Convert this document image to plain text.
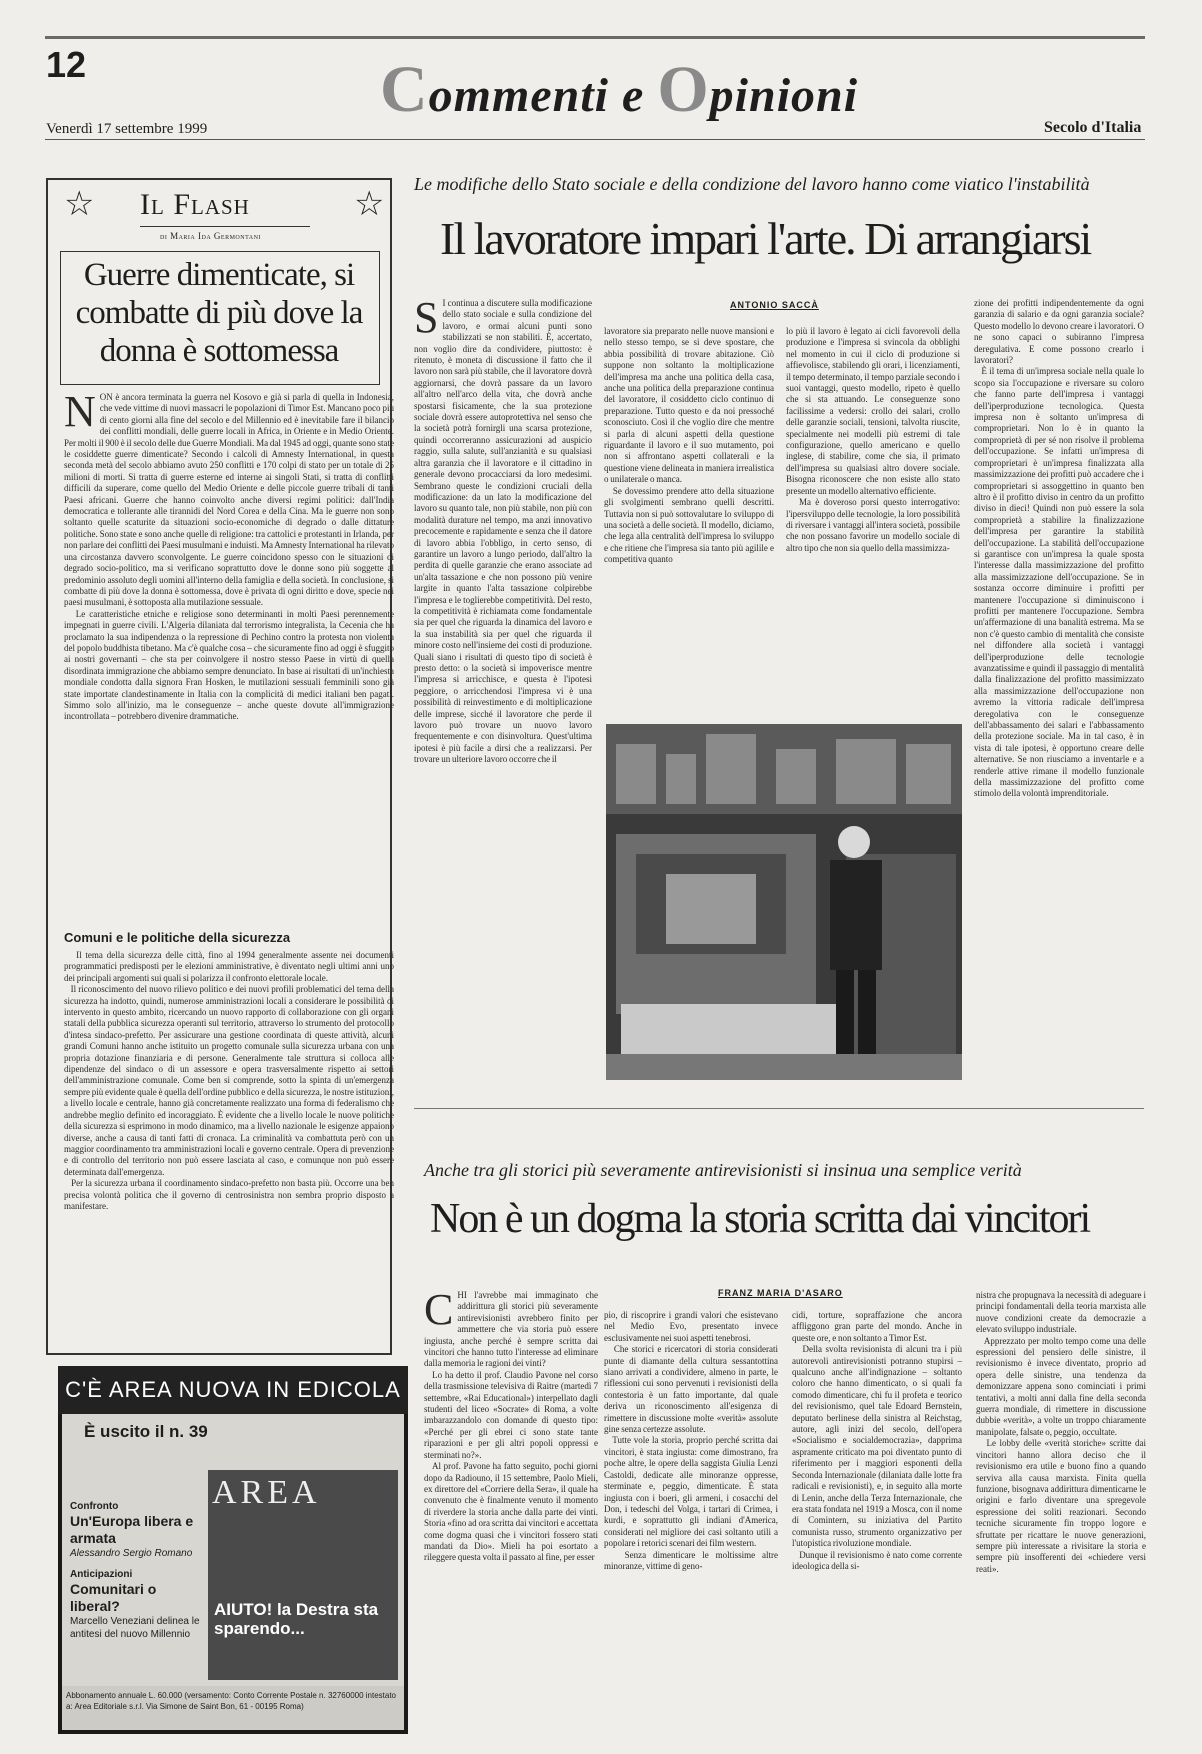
12	Commenti e Opinioni
Venerdì 17 settembre 1999	Secolo d'Italia
☆	☆
Il Flash
di Maria Ida Germontani
Guerre dimenticate, si combatte di più dove la donna è sottomessa
NON è ancora terminata la guerra nel Kosovo e già si parla di quella in Indonesia, che vede vittime di nuovi massacri le popolazioni di Timor Est. Mancano poco più di cento giorni alla fine del secolo e del Millennio ed è inevitabile fare il bilancio dei conflitti mondiali, delle guerre locali in Africa, in Oriente e in Medio Oriente. Per molti il 900 è il secolo delle due Guerre Mondiali. Ma dal 1945 ad oggi, quante sono state le cosiddette guerre dimenticate? Secondo i calcoli di Amnesty International, in questa seconda metà del secolo abbiamo avuto 250 conflitti e 170 colpi di stato per un totale di 25 milioni di morti. Si tratta di guerre esterne ed interne ai singoli Stati, si tratta di conflitti difficili da superare, come quello del Medio Oriente e delle piccole guerre tribali di tanti Paesi africani. Guerre che hanno coinvolto anche diversi regimi politici: dall'India democratica e tollerante alle tirannidi del Nord Corea e della Cina. Ma le guerre non sono soltanto quelle scaturite da situazioni socio-economiche di degrado o dalle dittature politiche. Sono state e sono anche quelle di religione: tra cattolici e protestanti in Irlanda, per non parlare dei conflitti dei Paesi musulmani e induisti. Ma Amnesty International ha rilevato una circostanza davvero sconvolgente. Le guerre coincidono spesso con le situazioni di degrado socio-politico, ma si verificano soprattutto dove le donne sono più soggette al predominio assoluto degli uomini all'interno della famiglia e della società. In conclusione, si combatte di più dove la donna è sottomessa, dove è privata di ogni diritto e dove, specie nei paesi musulmani, è sottoposta alla mutilazione sessuale.
Le caratteristiche etniche e religiose sono determinanti in molti Paesi perennemente impegnati in guerre civili. L'Algeria dilaniata dal terrorismo integralista, la Cecenia che ha proclamato la sua indipendenza o la repressione di Pechino contro la protesta non violenta del popolo buddhista tibetano. Ma c'è qualche cosa – che sicuramente fino ad oggi è sfuggito ai nostri governanti – che sta per coinvolgere il nostro stesso Paese in virtù di quella disordinata immigrazione che abbiamo sempre denunciato. In base ai risultati di un'inchiesta mondiale condotta dalla signora Fran Hosken, le mutilazioni sessuali femminili sono già state importate clandestinamente in Italia con la complicità di medici italiani ben pagati. Simmo solo all'inizio, ma le conseguenze – anche queste dovute all'immigrazione incontrollata – potrebbero divenire drammatiche.
Comuni e le politiche della sicurezza
Il tema della sicurezza delle città, fino al 1994 generalmente assente nei documenti programmatici predisposti per le elezioni amministrative, è diventato negli ultimi anni uno dei principali argomenti sui quali si polarizza il confronto elettorale locale.
Il riconoscimento del nuovo rilievo politico e dei nuovi profili problematici del tema della sicurezza ha indotto, quindi, numerose amministrazioni locali a considerare le possibilità di intervento in questo ambito, ricercando un nuovo rapporto di collaborazione con gli organi statali della pubblica sicurezza operanti sul territorio, attraverso lo strumento del protocollo d'intesa sindaco-prefetto. Per assicurare una gestione coordinata di queste attività, alcuni grandi Comuni hanno anche istituito un progetto comunale sulla sicurezza urbana con una propria dotazione finanziaria e di persone. Generalmente tale struttura si colloca alle dipendenze del sindaco o di un assessore e opera trasversalmente rispetto ai settori dell'amministrazione comunale. Come ben si comprende, sotto la spinta di un'emergenza sempre più evidente quale è quella dell'ordine pubblico e della sicurezza, le nostre istituzioni, a livello locale e centrale, hanno già concretamente realizzato una forma di federalismo che andrebbe meglio definito ed incoraggiato. È evidente che a livello locale le nuove politiche della sicurezza si esprimono in modo dinamico, ma a livello nazionale le esigenze appaiono diverse, anche a causa di tanti fatti di cronaca. La criminalità va combattuta però con un maggior coordinamento tra amministrazioni locali e governo centrale. Opera di prevenzione e di controllo del territorio non può essere lasciata al caso, e comunque non può essere determinata dall'emergenza.
Per la sicurezza urbana il coordinamento sindaco-prefetto non basta più. Occorre una ben precisa volontà politica che il governo di centrosinistra non sembra proprio disposto a manifestare.
C'È AREA NUOVA IN EDICOLA
È uscito il n. 39
Confronto
Un'Europa libera e armata
Alessandro Sergio Romano
Anticipazioni
Comunitari o liberal?
Marcello Veneziani delinea le antitesi del nuovo Millennio
AREA
AIUTO! la Destra sta sparendo...
Abbonamento annuale L. 60.000 (versamento: Conto Corrente Postale n. 32760000 intestato a: Area Editoriale s.r.l. Via Simone de Saint Bon, 61 - 00195 Roma)
Le modifiche dello Stato sociale e della condizione del lavoro hanno come viatico l'instabilità
Il lavoratore impari l'arte. Di arrangiarsi
ANTONIO SACCÀ
S I continua a discutere sulla modificazione dello stato sociale e sulla condizione del lavoro, e ormai alcuni punti sono stabilizzati se non stabiliti. È, accertato, non voglio dire da condividere, piuttosto: è ritenuto, è moneta di discussione il fatto che il lavoro non sarà più stabile, che il lavoratore dovrà aggiornarsi, che dovrà passare da un lavoro all'altro nell'arco della vita, che dovrà anche spostarsi fisicamente, che la sua protezione sociale dovrà essere autoprotettiva nel senso che la società potrà fornirgli una scarsa protezione, quindi occorreranno assicurazioni ad auspicio raggio, sulla salute, sull'anzianità e su qualsiasi altra garanzia che il lavoratore e il cittadino in generale devono procacciarsi da loro medesimi. Sembrano queste le condizioni cruciali della modificazione: da un lato la modificazione del lavoro su quanto tale, non più stabile, non più con modalità durature nel tempo, ma anzi innovativo precocemente e rapidamente e senza che il datore di lavoro abbia l'obbligo, in certo senso, di garantire un lavoro a lungo periodo, dall'altro la perdita di quelle garanzie che erano associate ad un'alta tassazione e che non possono più venire largite in quanto l'alta tassazione colpirebbe l'impresa e le toglierebbe competitività. Del resto, la competitività è richiamata come fondamentale sia per quel che riguarda la dinamica del lavoro e la sua instabilità sia per quel che riguarda il minore costo nell'insieme dei costi di produzione. Quali siano i risultati di questo tipo di società è presto detto: o la società si impoverisce mentre l'impresa si arricchisce, e questa è l'ipotesi peggiore, o arricchendosi l'impresa vi è una possibilità di reinvestimento e di moltiplicazione delle imprese, sicché il lavoratore che perde il lavoro può trovare un nuovo lavoro frequentemente e con disinvoltura. Quest'ultima ipotesi è più facile a dirsi che a realizzarsi. Per trovare un ulteriore lavoro occorre che il
lavoratore sia preparato nelle nuove mansioni e nello stesso tempo, se si deve spostare, che abbia possibilità di trovare abitazione. Ciò suppone non soltanto la moltiplicazione dell'impresa ma anche una politica della casa, anche una politica della preparazione continua del lavoratore, il cosiddetto ciclo continuo di preparazione. Tutto questo e da noi pressoché sconosciuto. Così il che voglio dire che mentre si parla di alcuni aspetti della questione riguardante il lavoro e il suo mutamento, poi non si affrontano aspetti collaterali e la questione viene delineata in maniera irrealistica o unilaterale o manca.
Se dovessimo prendere atto della situazione gli svolgimenti sembrano quelli descritti. Tuttavia non si può sottovalutare lo sviluppo di una società a delle società. Il modello, diciamo, che lega alla centralità dell'impresa lo sviluppo e che ritiene che l'impresa sia tanto più agilile e competitiva quanto
lo più il lavoro è legato ai cicli favorevoli della produzione e l'impresa si svincola da obblighi nel momento in cui il ciclo di produzione si affievolisce, stabilendo gli orari, i licenziamenti, il tempo determinato, il tempo parziale secondo i suoi vantaggi, questo modello, ripeto è quello che si sta attuando. Le conseguenze sono facilissime a vedersi: crollo dei salari, crollo delle garanzie sociali, tensioni, talvolta riuscite, specialmente nei modelli più estremi di tale configurazione, quello americano e quello inglese, di stabilire, come che sia, il primato dell'impresa su qualsiasi altro dovere sociale. Bisogna riconoscere che non esiste allo stato presente un modello alternativo efficiente.
Ma è doveroso porsi questo interrogativo: l'ipersviluppo delle tecnologie, la loro possibilità di riversare i vantaggi all'intera società, possibile che non possano favorire un modello sociale di altro tipo che non sia quello della massimizza-
zione dei profitti indipendentemente da ogni garanzia di salario e da ogni garanzia sociale? Questo modello lo devono creare i lavoratori. O ne sono capaci o subiranno l'impresa deregulativa. E come possono crearlo i lavoratori?
È il tema di un'impresa sociale nella quale lo scopo sia l'occupazione e riversare su coloro che fanno parte dell'impresa i vantaggi dell'iperproduzione tecnologica. Questa impresa non è soltanto un'impresa di comproprietari. Non lo è in quanto la comproprietà di per sé non risolve il problema dell'occupazione. Se infatti un'impresa di comproprietari è un'impresa finalizzata alla massimizzazione dei profitti può accadere che i comproprietari si assoggettino in quanto ben altro è il profitto diviso in centro da un profitto diviso in dieci! Quindi non può essere la sola comproprietà a stabilire la finalizzazione dell'impresa per garantire la stabilità dell'occupazione. La stabilità dell'occupazione si garantisce con un'impresa la quale sposta l'interesse dalla massimizzazione del profitto alla massimizzazione dell'occupazione. Se in sostanza occorre diminuire i profitti per mantenere l'occupazione si diminuiscono i profitti per mantenere l'occupazione. Sembra un'affermazione di una banalità estrema. Ma se non c'è questo cambio di mentalità che consiste nel diffondere alla società i vantaggi dell'iperproduzione delle tecnologie avanzatissime e quindi il passaggio di mentalità dalla finalizzazione del profitto massimizzato alla massimizzazione dell'occupazione non avremo la vittoria radicale dell'impresa deregolativa con le conseguenze dell'abbassamento dei salari e l'abbassamento della protezione sociale. Ma in tal caso, è in vista di tale ipotesi, è opportuno creare delle alternative. Se non riusciamo a inventarle e a renderle attive rimane il modello funzionale della massimizzazione del profitto come stimolo della volontà imprenditoriale.
Anche tra gli storici più severamente antirevisionisti si insinua una semplice verità
Non è un dogma la storia scritta dai vincitori
FRANZ MARIA D'ASARO
CHI l'avrebbe mai immaginato che addirittura gli storici più severamente antirevisionisti avrebbero finito per ammettere che via storia può essere ingiusta, anche perché è sempre scritta dai vincitori che hanno tutto l'interesse ad eliminare dalla memoria le ragioni dei vinti?
Lo ha detto il prof. Claudio Pavone nel corso della trasmissione televisiva di Raitre (martedì 7 settembre, «Rai Educational») interpellato dagli studenti del liceo «Socrate» di Roma, a volte imbarazzandolo con domande di questo tipo: «Perché per gli ebrei ci sono state tante riparazioni e per gli altri popoli oppressi e sterminati no?».
Al prof. Pavone ha fatto seguito, pochi giorni dopo da Radiouno, il 15 settembre, Paolo Mieli, ex direttore del «Corriere della Sera», il quale ha convenuto che è finalmente venuto il momento di riverdere la storia anche dalla parte dei vinti. Storia «fino ad ora scritta dai vincitori e accettata come dogma quasi che i vincitori fossero stati mandati da Dio». Mieli ha poi esortato a rileggere questa volta il passato al fine, per esser
pio, di riscoprire i grandi valori che esistevano nel Medio Evo, presentato invece esclusivamente nei suoi aspetti tenebrosi.
Che storici e ricercatori di storia considerati punte di diamante della cultura sessantottina siano arrivati a condividere, almeno in parte, le riflessioni cui sono pervenuti i revisionisti della contestoria è un fatto importante, dal quale deriva un riconoscimento all'esigenza di rimettere in discussione molte «verità» assolute gine senza certezze assolute.
Tutte vole la storia, proprio perché scritta dai vincitori, è stata ingiusta: come dimostrano, fra poche altre, le opere della saggista Giulia Lenzi Castoldi, dedicate alle minoranze oppresse, sterminate e, peggio, dimenticate. È stata ingiusta con i boeri, gli armeni, i cosacchi del Don, i tedeschi del Volga, i tartari di Crimea, i kurdi, e soprattutto gli indiani d'America, considerati nel migliore dei casi soltanto utili a popolare i retorici scenari dei film western.
Senza dimenticare le moltissime altre minoranze, vittime di geno-
cidi, torture, sopraffazione che ancora affliggono gran parte del mondo. Anche in queste ore, e non soltanto a Timor Est.
Della svolta revisionista di alcuni tra i più autorevoli antirevisionisti potranno stupirsi – qualcuno anche all'indignazione – soltanto coloro che hanno dimenticato, o si quali fa comodo dimenticare, chi fu il profeta e teorico del revisionismo, quel tale Edoard Bernstein, deputato berlinese della sinistra al Reichstag, autore, agli inizi del secolo, dell'opera «Socialismo e socialdemocrazia», dapprima aspramente criticato ma poi diventato punto di riferimento per i maggiori esponenti della Seconda Internazionale (dilaniata dalle lotte fra radicali e revisionisti), e, in seguito alla morte di Lenin, anche della Terza Internazionale, che era stata fondata nel 1919 a Mosca, con il nome di Comintern, su iniziativa del Partito comunista russo, strumento organizzativo per l'utopistica rivoluzione mondiale.
Dunque il revisionismo è nato come corrente ideologica della si-
nistra che propugnava la necessità di adeguare i principi fondamentali della teoria marxista alle nuove condizioni create da democrazie a elevato sviluppo industriale.
Apprezzato per molto tempo come una delle espressioni del pensiero delle sinistre, il revisionismo è invece diventato, proprio ad opera delle sinistre, una tendenza da demonizzare appena sono cominciati i primi tentativi, a molti anni dalla fine della seconda guerra mondiale, di rimettere in discussione dubbie «verità», a volte un troppo chiaramente manipolate, falsate o, peggio, occultate.
Le lobby delle «verità storiche» scritte dai vincitori hanno allora deciso che il revisionismo era utile e buono fino a quando serviva alla causa marxista. Finita quella funzione, bisognava addirittura dimenticarne le origini e farlo diventare una spregevole espressione dei soliti reazionari. Secondo tecniche sicuramente fin troppo logore e sfruttate per ricattare le nuove generazioni, sempre più interessate a rivisitare la storia e sempre più insofferenti dei «chiedere versi reati».
